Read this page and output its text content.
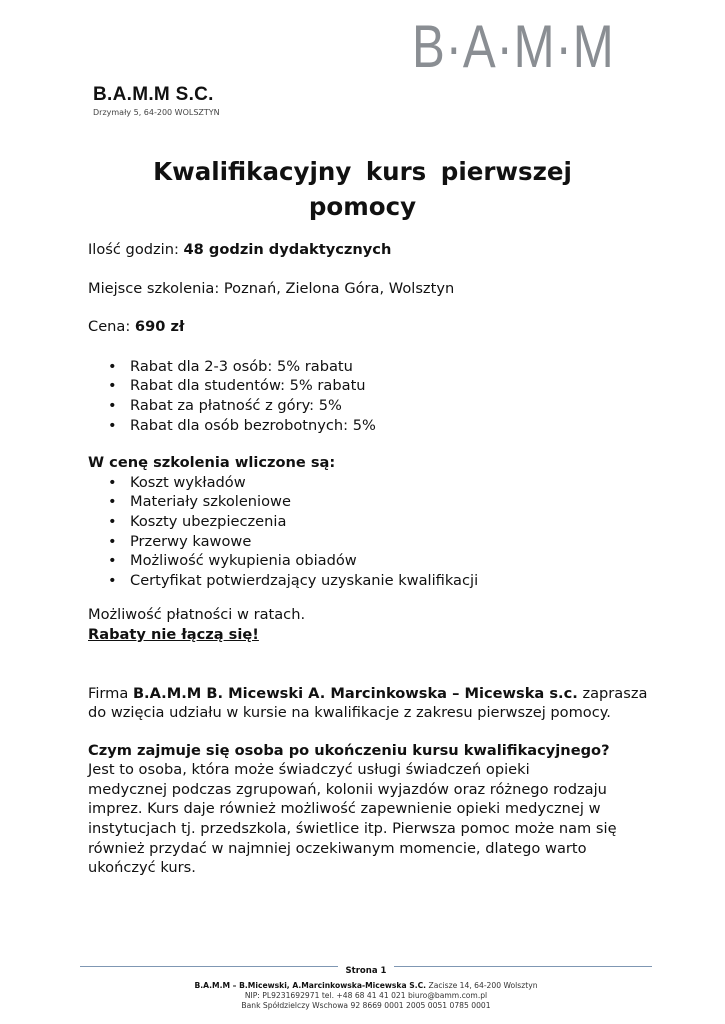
B·A·M·M
B.A.M.M S.C.
Drzymały 5, 64-200 WOLSZTYN
Kwalifikacyjny kurs pierwszej
pomocy

Ilość godzin: 48 godzin dydaktycznych

Miejsce szkolenia: Poznań, Zielona Góra, Wolsztyn

Cena: 690 zł

• Rabat dla 2-3 osób: 5% rabatu
• Rabat dla studentów: 5% rabatu
• Rabat za płatność z góry: 5%
• Rabat dla osób bezrobotnych: 5%

W cenę szkolenia wliczone są:

• Koszt wykładów
• Materiały szkoleniowe
• Koszty ubezpieczenia
• Przerwy kawowe
• Możliwość wykupienia obiadów
• Certyfikat potwierdzający uzyskanie kwalifikacji

Możliwość płatności w ratach.

Rabaty nie łączą się!

Firma B.A.M.M B. Micewski A. Marcinkowska – Micewska s.c. zaprasza

do wzięcia udziału w kursie na kwalifikacje z zakresu pierwszej pomocy.

Czym zajmuje się osoba po ukończeniu kursu kwalifikacyjnego?

Jest to osoba, która może świadczyć usługi świadczeń opieki

medycznej podczas zgrupowań, kolonii wyjazdów oraz różnego rodzaju

imprez. Kurs daje również możliwość zapewnienie opieki medycznej w

instytucjach tj. przedszkola, świetlice itp. Pierwsza pomoc może nam się

również przydać w najmniej oczekiwanym momencie, dlatego warto

ukończyć kurs.

Strona 1
B.A.M.M – B.Micewski, A.Marcinkowska-Micewska S.C. Zacisze 14, 64-200 Wolsztyn
NIP: PL9231692971 tel. +48 68 41 41 021 biuro@bamm.com.pl
Bank Spółdzielczy Wschowa 92 8669 0001 2005 0051 0785 0001
